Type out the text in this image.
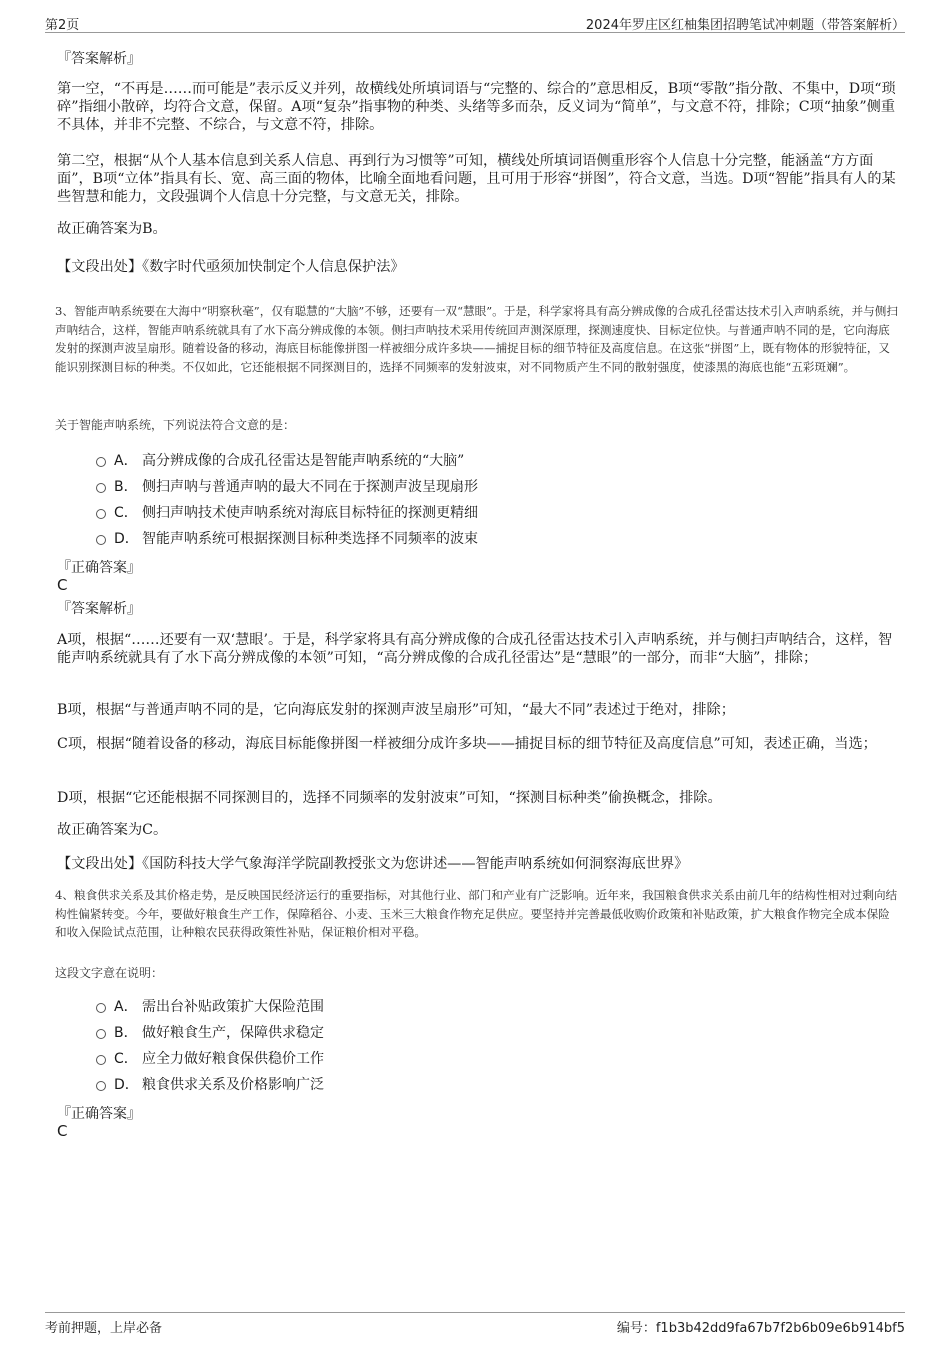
第2页	2024年罗庄区红柚集团招聘笔试冲刺题（带答案解析）
『答案解析』
第一空，“不再是……而可能是”表示反义并列，故横线处所填词语与“完整的、综合的”意思相反，B项“零散”指分散、不集中，D项“琐碎”指细小散碎，均符合文意，保留。A项“复杂”指事物的种类、头绪等多而杂，反义词为“简单”，与文意不符，排除；C项“抽象”侧重不具体，并非不完整、不综合，与文意不符，排除。
第二空，根据“从个人基本信息到关系人信息、再到行为习惯等”可知，横线处所填词语侧重形容个人信息十分完整，能涵盖“方方面面”，B项“立体”指具有长、宽、高三面的物体，比喻全面地看问题，且可用于形容“拼图”，符合文意，当选。D项“智能”指具有人的某些智慧和能力，文段强调个人信息十分完整，与文意无关，排除。
故正确答案为B。
【文段出处】《数字时代亟须加快制定个人信息保护法》
3、智能声呐系统要在大海中“明察秋毫”，仅有聪慧的“大脑”不够，还要有一双“慧眼”。于是，科学家将具有高分辨成像的合成孔径雷达技术引入声呐系统，并与侧扫声呐结合，这样，智能声呐系统就具有了水下高分辨成像的本领。侧扫声呐技术采用传统回声测深原理，探测速度快、目标定位快。与普通声呐不同的是，它向海底发射的探测声波呈扇形。随着设备的移动，海底目标能像拼图一样被细分成许多块——捕捉目标的细节特征及高度信息。在这张“拼图”上，既有物体的形貌特征，又能识别探测目标的种类。不仅如此，它还能根据不同探测目的，选择不同频率的发射波束，对不同物质产生不同的散射强度，使漆黑的海底也能“五彩斑斓”。
关于智能声呐系统，下列说法符合文意的是：
A． 高分辨成像的合成孔径雷达是智能声呐系统的“大脑”
B． 侧扫声呐与普通声呐的最大不同在于探测声波呈现扇形
C． 侧扫声呐技术使声呐系统对海底目标特征的探测更精细
D． 智能声呐系统可根据探测目标种类选择不同频率的波束
『正确答案』
C
『答案解析』
A项，根据“……还要有一双‘慧眼’。于是，科学家将具有高分辨成像的合成孔径雷达技术引入声呐系统，并与侧扫声呐结合，这样，智能声呐系统就具有了水下高分辨成像的本领”可知，“高分辨成像的合成孔径雷达”是“慧眼”的一部分，而非“大脑”，排除；
B项，根据“与普通声呐不同的是，它向海底发射的探测声波呈扇形”可知，“最大不同”表述过于绝对，排除；
C项，根据“随着设备的移动，海底目标能像拼图一样被细分成许多块——捕捉目标的细节特征及高度信息”可知，表述正确，当选；
D项，根据“它还能根据不同探测目的，选择不同频率的发射波束”可知，“探测目标种类”偷换概念，排除。
故正确答案为C。
【文段出处】《国防科技大学气象海洋学院副教授张文为您讲述——智能声呐系统如何洞察海底世界》
4、粮食供求关系及其价格走势，是反映国民经济运行的重要指标，对其他行业、部门和产业有广泛影响。近年来，我国粮食供求关系由前几年的结构性相对过剩向结构性偏紧转变。今年，要做好粮食生产工作，保障稻谷、小麦、玉米三大粮食作物充足供应。要坚持并完善最低收购价政策和补贴政策，扩大粮食作物完全成本保险和收入保险试点范围，让种粮农民获得政策性补贴，保证粮价相对平稳。
这段文字意在说明：
A． 需出台补贴政策扩大保险范围
B． 做好粮食生产，保障供求稳定
C． 应全力做好粮食保供稳价工作
D． 粮食供求关系及价格影响广泛
『正确答案』
C
考前押题，上岸必备	编号：f1b3b42dd9fa67b7f2b6b09e6b914bf5
